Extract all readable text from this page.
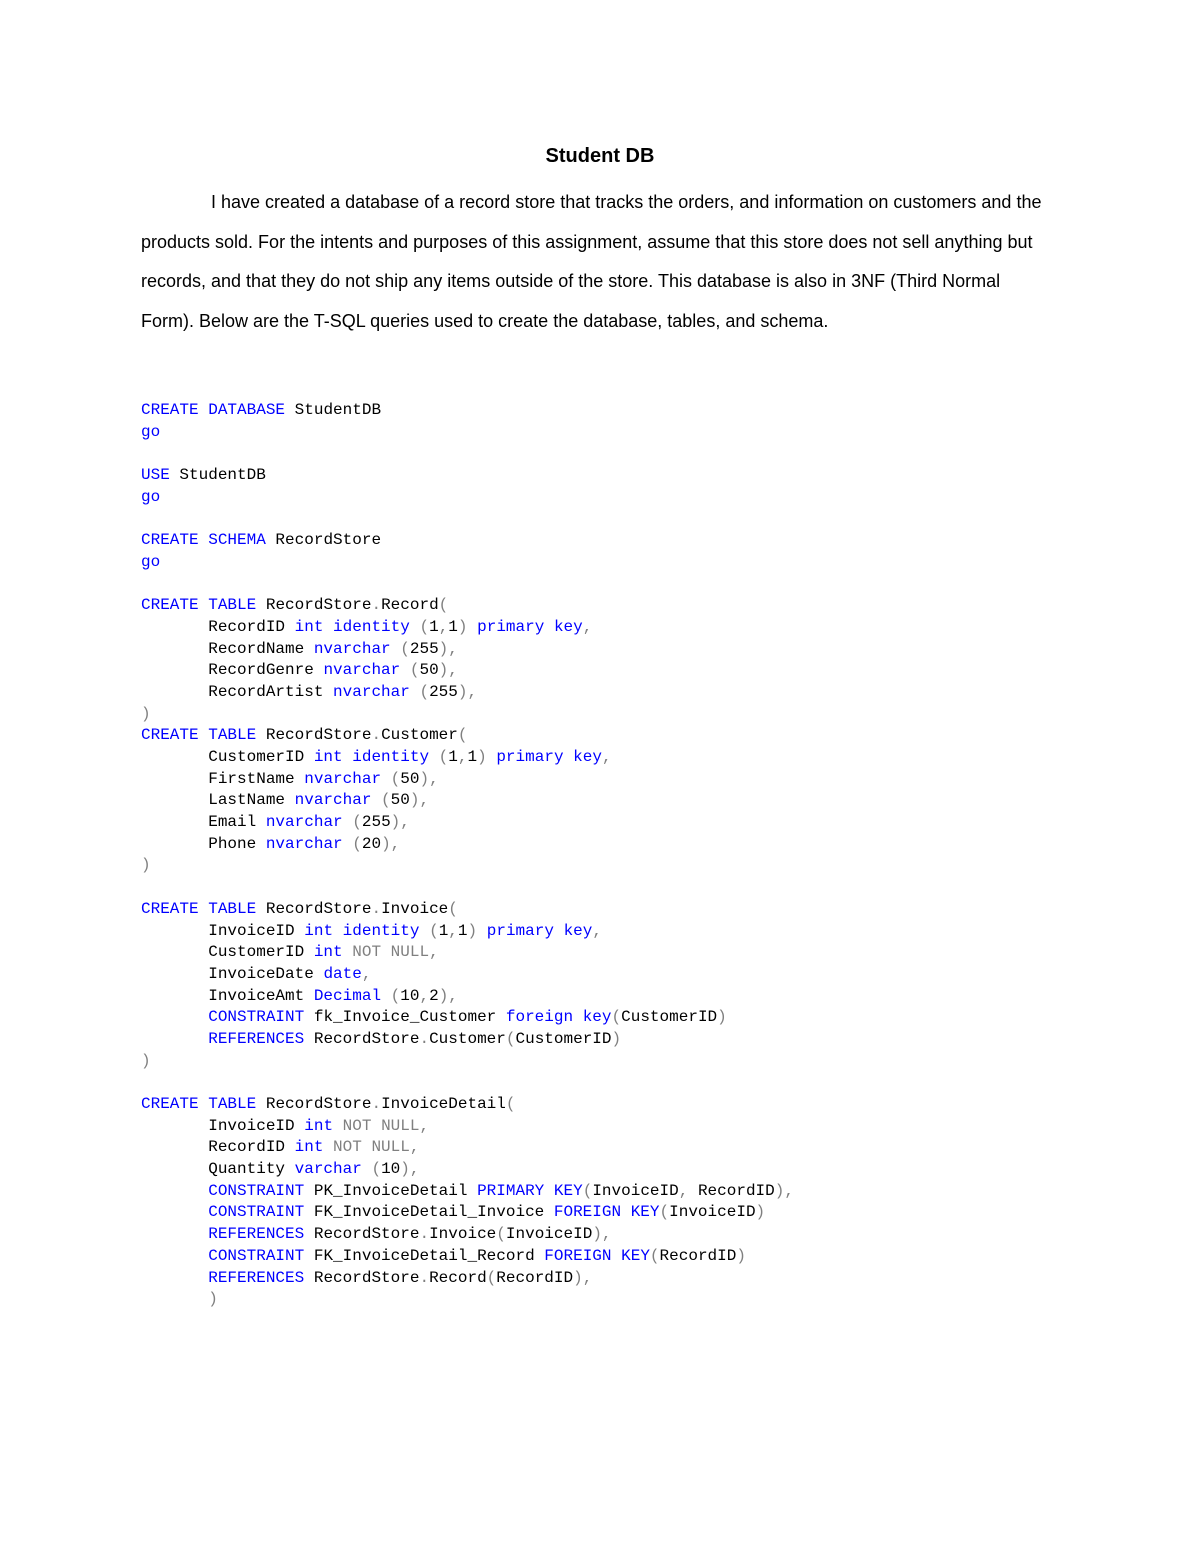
Student DB

I have created a database of a record store that tracks the orders, and information on customers and the products sold. For the intents and purposes of this assignment, assume that this store does not sell anything but records, and that they do not ship any items outside of the store. This database is also in 3NF (Third Normal Form). Below are the T-SQL queries used to create the database, tables, and schema.

CREATE DATABASE StudentDB
go
USE StudentDB
go
CREATE SCHEMA RecordStore
go
CREATE TABLE RecordStore.Record(
RecordID int identity (1,1) primary key,
RecordName nvarchar (255),
RecordGenre nvarchar (50),
RecordArtist nvarchar (255),
)
CREATE TABLE RecordStore.Customer(
CustomerID int identity (1,1) primary key,
FirstName nvarchar (50),
LastName nvarchar (50),
Email nvarchar (255),
Phone nvarchar (20),
)
CREATE TABLE RecordStore.Invoice(
InvoiceID int identity (1,1) primary key,
CustomerID int NOT NULL,
InvoiceDate date,
InvoiceAmt Decimal (10,2),
CONSTRAINT fk_Invoice_Customer foreign key(CustomerID)
REFERENCES RecordStore.Customer(CustomerID)
)
CREATE TABLE RecordStore.InvoiceDetail(
InvoiceID int NOT NULL,
RecordID int NOT NULL,
Quantity varchar (10),
CONSTRAINT PK_InvoiceDetail PRIMARY KEY(InvoiceID, RecordID),
CONSTRAINT FK_InvoiceDetail_Invoice FOREIGN KEY(InvoiceID)
REFERENCES RecordStore.Invoice(InvoiceID),
CONSTRAINT FK_InvoiceDetail_Record FOREIGN KEY(RecordID)
REFERENCES RecordStore.Record(RecordID),
)
